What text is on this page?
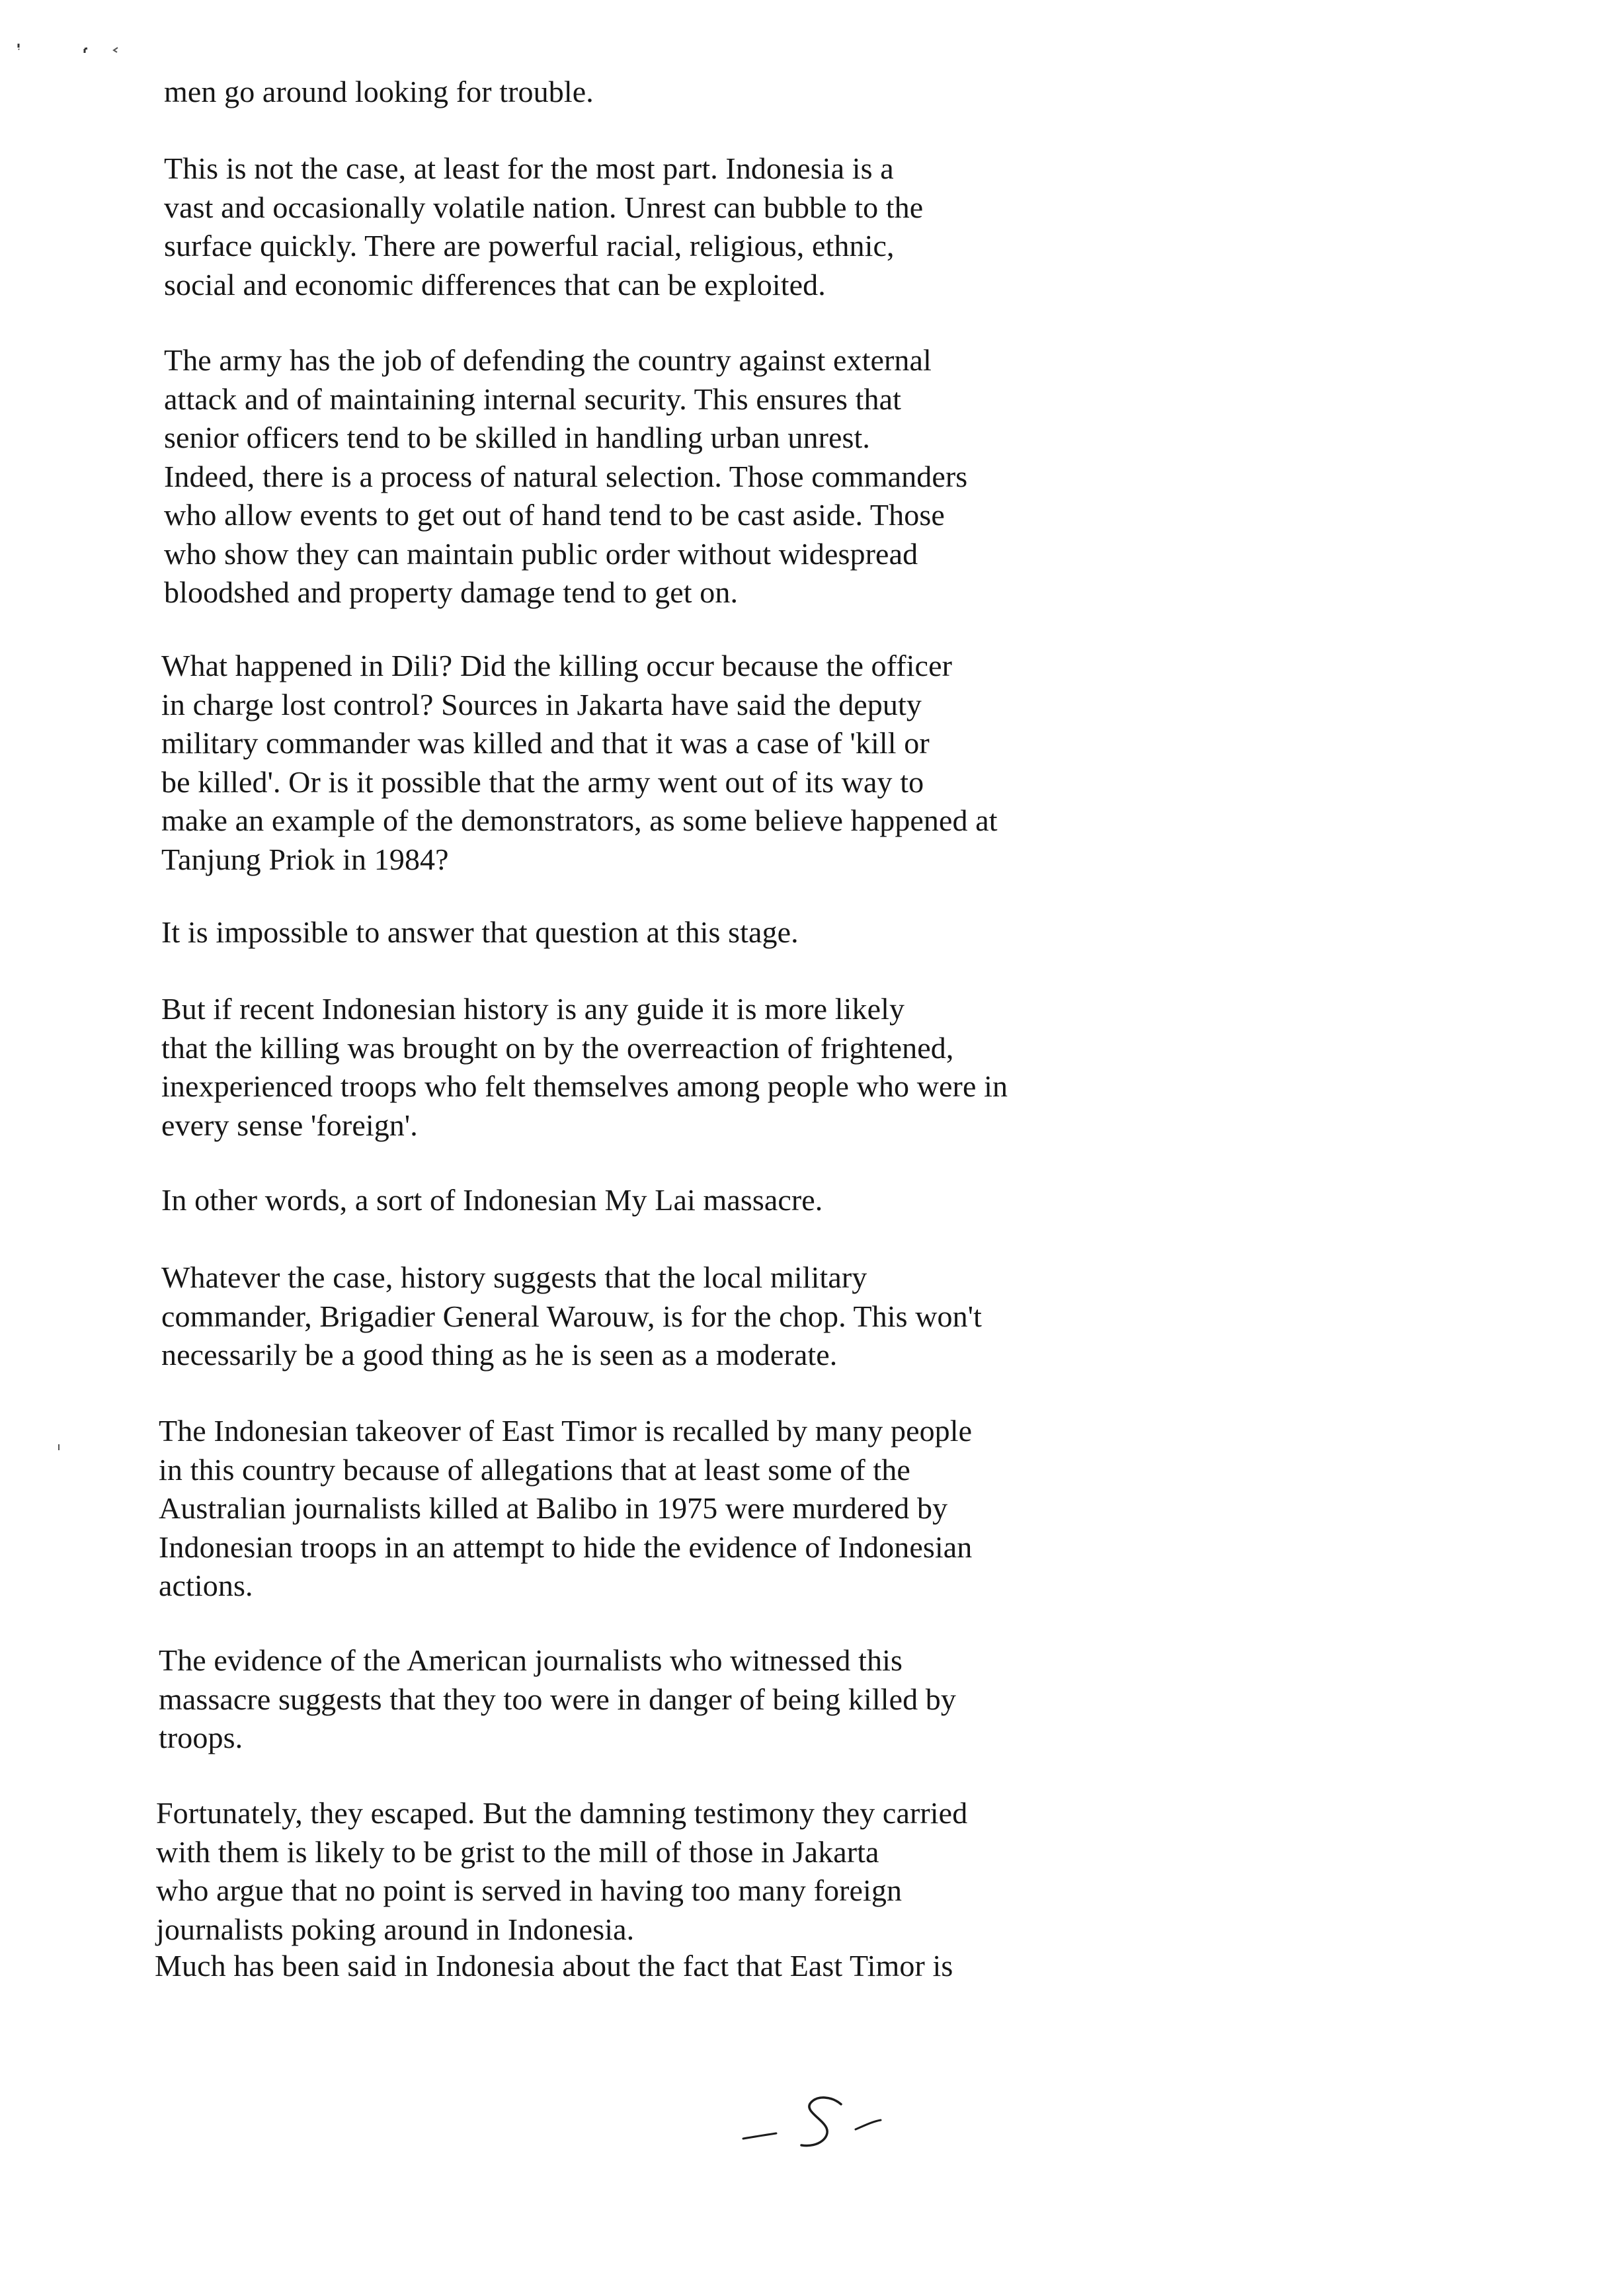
men go around looking for trouble.

This is not the case, at least for the most part. Indonesia is a
vast and occasionally volatile nation. Unrest can bubble to the
surface quickly. There are powerful racial, religious, ethnic,
social and economic differences that can be exploited.

The army has the job of defending the country against external
attack and of maintaining internal security. This ensures that
senior officers tend to be skilled in handling urban unrest.
Indeed, there is a process of natural selection. Those commanders
who allow events to get out of hand tend to be cast aside. Those
who show they can maintain public order without widespread
bloodshed and property damage tend to get on.

What happened in Dili? Did the killing occur because the officer
in charge lost control? Sources in Jakarta have said the deputy
military commander was killed and that it was a case of 'kill or
be killed'. Or is it possible that the army went out of its way to
make an example of the demonstrators, as some believe happened at
Tanjung Priok in 1984?

It is impossible to answer that question at this stage.

But if recent Indonesian history is any guide it is more likely
that the killing was brought on by the overreaction of frightened,
inexperienced troops who felt themselves among people who were in
every sense 'foreign'.

In other words, a sort of Indonesian My Lai massacre.

Whatever the case, history suggests that the local military
commander, Brigadier General Warouw, is for the chop. This won't
necessarily be a good thing as he is seen as a moderate.

The Indonesian takeover of East Timor is recalled by many people
in this country because of allegations that at least some of the
Australian journalists killed at Balibo in 1975 were murdered by
Indonesian troops in an attempt to hide the evidence of Indonesian
actions.

The evidence of the American journalists who witnessed this
massacre suggests that they too were in danger of being killed by
troops.

Fortunately, they escaped. But the damning testimony they carried
with them is likely to be grist to the mill of those in Jakarta
who argue that no point is served in having too many foreign
journalists poking around in Indonesia.

Much has been said in Indonesia about the fact that East Timor is
